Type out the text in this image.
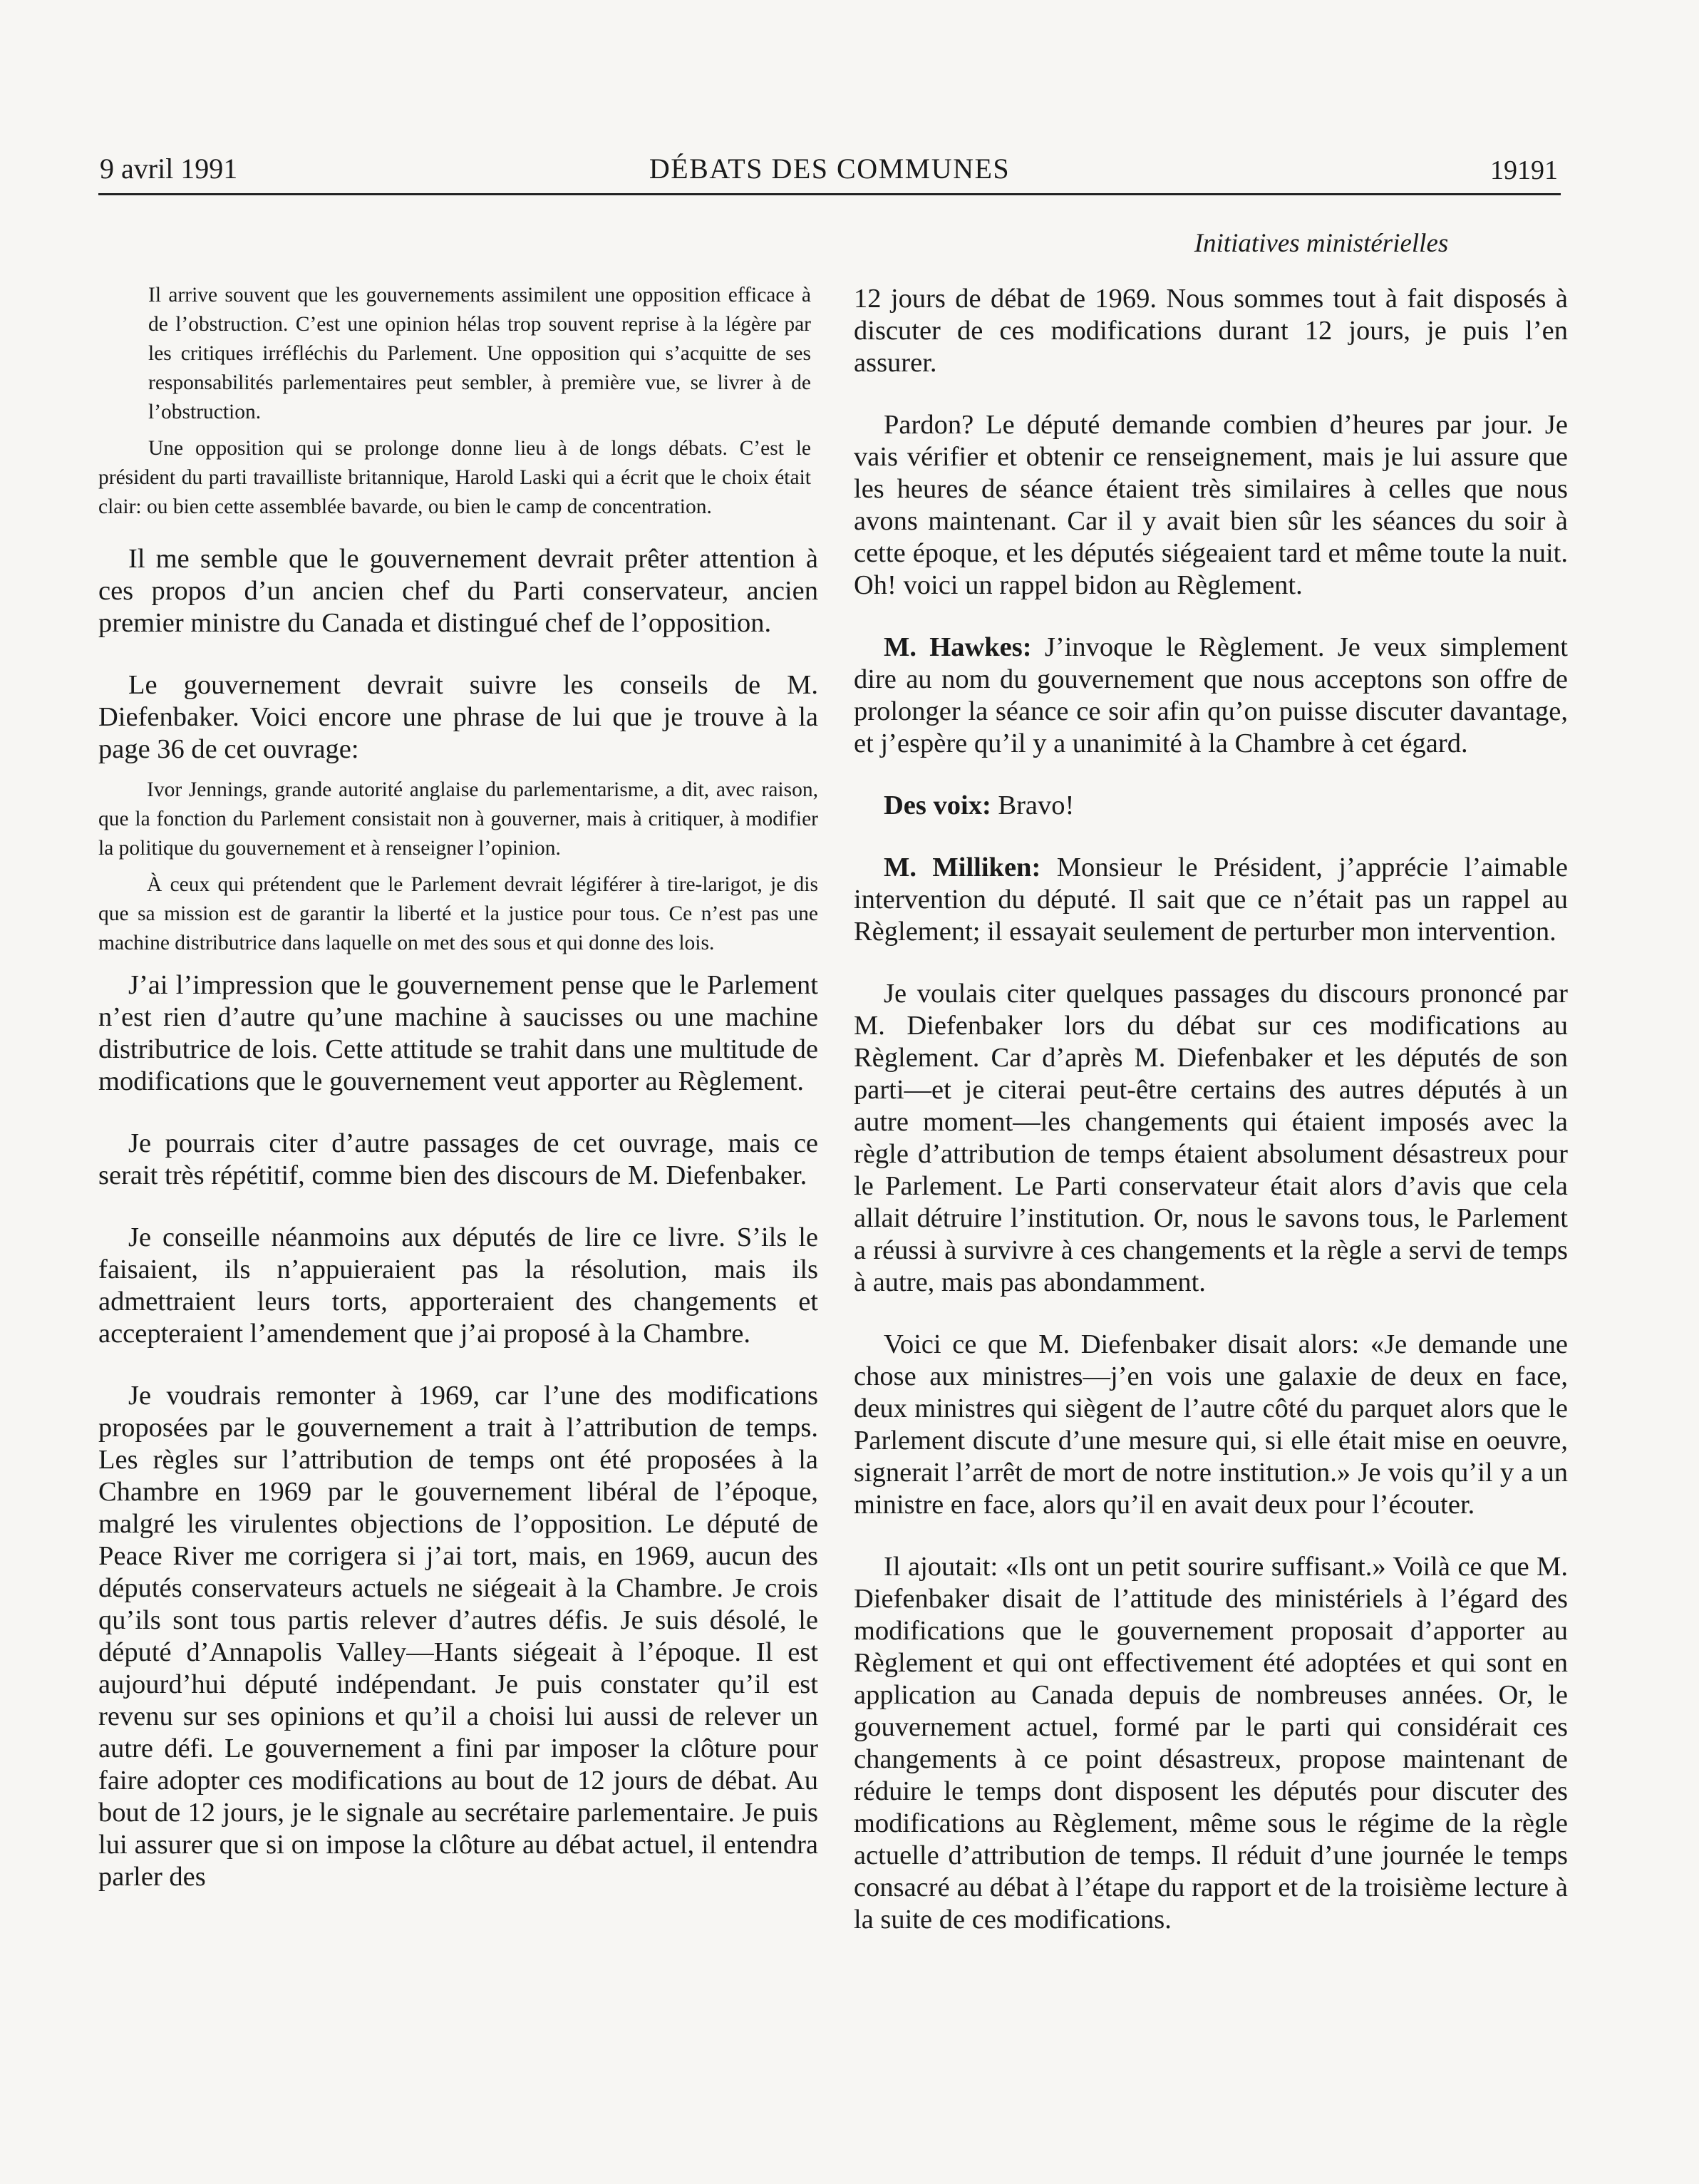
9 avril 1991	DÉBATS DES COMMUNES	19191

Il arrive souvent que les gouvernements assimilent une opposition efficace à de l’obstruction. C’est une opinion hélas trop souvent reprise à la légère par les critiques irréfléchis du Parlement. Une opposition qui s’acquitte de ses responsabilités parlementaires peut sembler, à première vue, se livrer à de l’obstruction.

Une opposition qui se prolonge donne lieu à de longs débats. C’est le président du parti travailliste britannique, Harold Laski qui a écrit que le choix était clair: ou bien cette assemblée bavarde, ou bien le camp de concentration.

Il me semble que le gouvernement devrait prêter attention à ces propos d’un ancien chef du Parti conservateur, ancien premier ministre du Canada et distingué chef de l’opposition.

Le gouvernement devrait suivre les conseils de M. Diefenbaker. Voici encore une phrase de lui que je trouve à la page 36 de cet ouvrage:

Ivor Jennings, grande autorité anglaise du parlementarisme, a dit, avec raison, que la fonction du Parlement consistait non à gouverner, mais à critiquer, à modifier la politique du gouvernement et à renseigner l’opinion.

À ceux qui prétendent que le Parlement devrait légiférer à tire-larigot, je dis que sa mission est de garantir la liberté et la justice pour tous. Ce n’est pas une machine distributrice dans laquelle on met des sous et qui donne des lois.

J’ai l’impression que le gouvernement pense que le Parlement n’est rien d’autre qu’une machine à saucisses ou une machine distributrice de lois. Cette attitude se trahit dans une multitude de modifications que le gouvernement veut apporter au Règlement.

Je pourrais citer d’autre passages de cet ouvrage, mais ce serait très répétitif, comme bien des discours de M. Diefenbaker.

Je conseille néanmoins aux députés de lire ce livre. S’ils le faisaient, ils n’appuieraient pas la résolution, mais ils admettraient leurs torts, apporteraient des changements et accepteraient l’amendement que j’ai proposé à la Chambre.

Je voudrais remonter à 1969, car l’une des modifications proposées par le gouvernement a trait à l’attribution de temps. Les règles sur l’attribution de temps ont été proposées à la Chambre en 1969 par le gouvernement libéral de l’époque, malgré les virulentes objections de l’opposition. Le député de Peace River me corrigera si j’ai tort, mais, en 1969, aucun des députés conservateurs actuels ne siégeait à la Chambre. Je crois qu’ils sont tous partis relever d’autres défis. Je suis désolé, le député d’Annapolis Valley—Hants siégeait à l’époque. Il est aujourd’hui député indépendant. Je puis constater qu’il est revenu sur ses opinions et qu’il a choisi lui aussi de relever un autre défi. Le gouvernement a fini par imposer la clôture pour faire adopter ces modifications au bout de 12 jours de débat. Au bout de 12 jours, je le signale au secrétaire parlementaire. Je puis lui assurer que si on impose la clôture au débat actuel, il entendra parler des

Initiatives ministérielles

12 jours de débat de 1969. Nous sommes tout à fait disposés à discuter de ces modifications durant 12 jours, je puis l’en assurer.

Pardon? Le député demande combien d’heures par jour. Je vais vérifier et obtenir ce renseignement, mais je lui assure que les heures de séance étaient très similaires à celles que nous avons maintenant. Car il y avait bien sûr les séances du soir à cette époque, et les députés siégeaient tard et même toute la nuit. Oh! voici un rappel bidon au Règlement.

M. Hawkes: J’invoque le Règlement. Je veux simplement dire au nom du gouvernement que nous acceptons son offre de prolonger la séance ce soir afin qu’on puisse discuter davantage, et j’espère qu’il y a unanimité à la Chambre à cet égard.

Des voix: Bravo!

M. Milliken: Monsieur le Président, j’apprécie l’aimable intervention du député. Il sait que ce n’était pas un rappel au Règlement; il essayait seulement de perturber mon intervention.

Je voulais citer quelques passages du discours prononcé par M. Diefenbaker lors du débat sur ces modifications au Règlement. Car d’après M. Diefenbaker et les députés de son parti—et je citerai peut-être certains des autres députés à un autre moment—les changements qui étaient imposés avec la règle d’attribution de temps étaient absolument désastreux pour le Parlement. Le Parti conservateur était alors d’avis que cela allait détruire l’institution. Or, nous le savons tous, le Parlement a réussi à survivre à ces changements et la règle a servi de temps à autre, mais pas abondamment.

Voici ce que M. Diefenbaker disait alors: «Je demande une chose aux ministres—j’en vois une galaxie de deux en face, deux ministres qui siègent de l’autre côté du parquet alors que le Parlement discute d’une mesure qui, si elle était mise en oeuvre, signerait l’arrêt de mort de notre institution.» Je vois qu’il y a un ministre en face, alors qu’il en avait deux pour l’écouter.

Il ajoutait: «Ils ont un petit sourire suffisant.» Voilà ce que M. Diefenbaker disait de l’attitude des ministériels à l’égard des modifications que le gouvernement proposait d’apporter au Règlement et qui ont effectivement été adoptées et qui sont en application au Canada depuis de nombreuses années. Or, le gouvernement actuel, formé par le parti qui considérait ces changements à ce point désastreux, propose maintenant de réduire le temps dont disposent les députés pour discuter des modifications au Règlement, même sous le régime de la règle actuelle d’attribution de temps. Il réduit d’une journée le temps consacré au débat à l’étape du rapport et de la troisième lecture à la suite de ces modifications.
